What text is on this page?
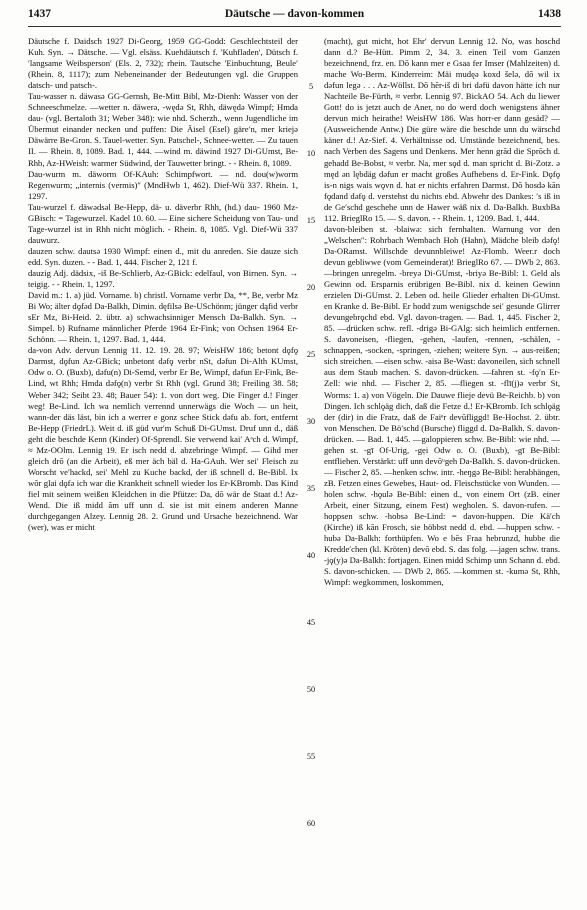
1437	Däutsche — davon-kommen	1438

Däutsche f. Daidsch 1927 Di-Georg, 1959 GG-Godd: Geschlechtsteil der Kuh. Syn. → Dätsche. — Vgl. elsäss. Kuehdäutsch f. ′Kuhfladen′, Dütsch f. ′langsame Weibsperson′ (Els. 2, 732); rhein. Tautsche ′Einbuchtung, Beule′ (Rhein. 8, 1117); zum Nebeneinander der Bedeutungen vgl. die Gruppen datsch- und patsch-.

Tau-wasser n. däwasə GG-Gernsh, Be-Mitt Bibl, Mz-Dienh: Wasser von der Schneeschmelze. —wetter n. däwerə, -wędə St, Rhh, däwędə Wimpf; Hmda dau- (vgl. Bertaloth 31; Weber 348): wie nhd. Scherzh., wenn Jugendliche im Übermut einander necken und puffen: Die Äisel (Esel) gäre′n, mer kriejə Däwärre Be-Gron. S. Tauel-wetter. Syn. Patschel-, Schnee-wetter. — Zu tauen II. — Rhein. 8, 1089. Bad. 1, 444. —wind m. däwind 1927 Di-GUmst, Be-Rhb, Az-HWeish: warmer Südwind, der Tauwetter bringt. - - Rhein. 8, 1089.

Dau-wurm m. däworm Of-KAuh: Schimpfwort. — nd. dou(w)worm Regenwurm; „internis (vermis)″ (MndHwb 1, 462). Dief-Wü 337. Rhein. 1, 1297.

Tau-wurzel f. däwədsəl Be-Hepp, dä- u. däverbr Rhh, (hd.) dau- 1960 Mz-GBisch: = Tagewurzel. Kadel 10. 60. — Eine sichere Scheidung von Tau- und Tage-wurzel ist in Rhh nicht möglich. - Rhein. 8, 1085. Vgl. Dief-Wü 337 dauwurz.

dauzen schw. dautsə 1930 Wimpf: einen d., mit du anreden. Sie dauze sich edd. Syn. duzen. - - Bad. 1, 444. Fischer 2, 121 f.

dauzig Adj. dädsix, -iš Be-Schlierb, Az-GBick: edelfaul, von Birnen. Syn. → teigig. - - Rhein. 1, 1297.

David m.: 1. a) jüd. Vorname. b) christl. Vorname verbr Da, **, Be, verbr Mz Bi Wo; älter dǫfəd Da-Balkh, Dimin. dęfilsə Be-USchönm; jünger dąfid verbr sEr Mz, Bi-Heid. 2. übtr. a) schwachsinniger Mensch Da-Balkh. Syn. → Simpel. b) Rufname männlicher Pferde 1964 Er-Fink; von Ochsen 1964 Er-Schönn. — Rhein. 1, 1297. Bad. 1, 444.

da-von Adv. dervun Lennig 11. 12. 19. 28. 97; WeisHW 186; betont dǫfǫ Darmst, dǫfun Az-GBick; unbetont dəfǫ verbr nSt, dəfun Di-Alth KUmst, Odw o. O. (Buxb), dəfu(n) Di-Semd, verbr Er Be, Wimpf, dəfun Er-Fink, Be-Lind, wt Rhh; Hmda dəfǫ(n) verbr St Rhh (vgl. Grund 38; Freiling 38. 58; Weber 342; Seibt 23. 48; Bauer 54): 1. von dort weg. Die Finger d.! Finger weg! Be-Lind. Ich wa nemlich verrennd unnerwägs die Woch — un heit, wann-der däs läst, bin ich a werrer e gonz schee Stick dəfu ab. fort, entfernt Be-Hepp (FriedrL). Weit d. iß güd vur′m Schuß Di-GUmst. Druf unn d., däß geht die beschde Kenn (Kinder) Of-Sprendl. Sie verwend kai′ Aᵊch d. Wimpf, ≈ Mz-OOlm. Lennig 19. Er isch nedd d. abzebringe Wimpf. — Gihd mer gleich drō (an die Arbeit), eß mer äch bäl d. Ha-GAuh. Wer sei′ Fleisch zu Worscht ve′hackd, sei′ Mehl zu Kuche backd, der iß schnell d. Be-Bibl. Ix wōr glai dǫfə ich war die Krankheit schnell wieder los Er-KBromb. Das Kind fiel mit seinem weißen Kleidchen in die Pfütze: Da, dō wär de Staat d.! Az-Wend. Die iß midd ãm uff unn d. sie ist mit einem anderen Manne durchgegangen Alzey. Lennig 28. 2. Grund und Ursache bezeichnend. War (wer), was er micht

5
10
15
20
25
30
35
40
45
50
55
60

(macht), gut micht, hot Ehr′ dervun Lennig 12. No, was hoschd dann d.? Be-Hütt. Pimm 2, 34. 3. einen Teil vom Ganzen bezeichnend, frz. en. Dō kann mer e Gsaa fer Imser (Mahlzeiten) d. mache Wo-Berm. Kinderreim: Mäi mudęə koxd šelə, dō wil ix dəfun legə . . . Az-Wöllst. Dō hēr-iš di bri dəfü davon hätte ich nur Nachteile Be-Fürth, ≈ verbr. Lennig 97. BickAO 54. Ach du liewer Gott! do is jetzt auch de Aner, no do werd doch wenigstens ähner dervun mich heirathe! WeisHW 186. Was horr-er dann gesäd? — (Ausweichende Antw.) Die güre wäre die beschde unn du wärschd käner d.! Az-Sief. 4. Verhältnisse od. Umstände bezeichnend, bes. nach Verben des Sagens und Denkens. Mer henn grād die Sprōch d. gehadd Be-Bobst, ≈ verbr. Na, mer sǫd d. man spricht d. Bi-Zotz. ǝ męd ǝn lębdäg dǝfun er macht großes Aufhebens d. Er-Fink. Dǫfǫ is-n nigs wais wǫvn d. hat er nichts erfahren Darmst. Dō hosdə kān fǫdand dǝfǫ d. verstehst du nichts ebd. Abwehr des Dankes: ′s iß in de Ge′schd geschehe unn de Hawer wäß nix d. Da-Balkh. BuxbBa 112. BrieglRo 15. — S. davon. - - Rhein. 1, 1209. Bad. 1, 444.

davon-bleiben st. -blaiwə: sich fernhalten. Warnung vor den „Welschen″: Rohrbach Wembach Hoh (Hahn), Mädche bleib dǝfǫ! Da-ORamst. Willschde devunnbleiwe! Az-Flomb. Weer.r doch devun gebliwwe (vom Gemeinderat)! BrieglRo 67. — DWb 2, 863. —bringen unregelm. -breyə Di-GUmst, -briyə Be-Bibl: 1. Geld als Gewinn od. Ersparnis erübrigen Be-Bibl. nix d. keinen Gewinn erzielen Di-GUmst. 2. Leben od. heile Glieder erhalten Di-GUmst. en Kranke d. Be-Bibl. Er hodd zum wenigschde sei′ gesunde Glirrer devungebrǫchd ebd. Vgl. davon-tragen. — Bad. 1, 445. Fischer 2, 85. —drücken schw. refl. -drigə Bi-GAlg: sich heimlich entfernen. S. davoneisen, -fliegen, -gehen, -laufen, -rennen, -schälen, -schnappen, -socken, -springen, -ziehen; weitere Syn. → aus-reißen; sich streichen. —eisen schw. -aisə Be-Wast: davoneilen, sich schnell aus dem Staub machen. S. davon-drücken. —fahren st. -fǫ′n Er-Zell: wie nhd. — Fischer 2, 85. —fliegen st. -flī(j)ə verbr St, Worms: 1. a) von Vögeln. Die Dauwe flieje devü Be-Reichb. b) von Dingen. Ich schlǫäg dich, daß die Fetze d.! Er-KBromb. Ich schlǫäg der (dir) in die Fratz, daß de Faiᵉr devūfliggd! Be-Hochst. 2. übtr. von Menschen. De Bö′schd (Bursche) fliggd d. Da-Balkh. S. davon-drücken. — Bad. 1, 445. —galoppieren schw. Be-Bibl: wie nhd. —gehen st. -gī Of-Urig, -gẹi Odw o. O. (Buxb), -gī Be-Bibl: entfliehen. Verstärkt: uff unn devōᵘgeh Da-Balkh. S. davon-drücken. — Fischer 2, 85. —henken schw. intr. -heŋgə Be-Bibl: herabhängen, zB. Fetzen eines Gewebes, Haut- od. Fleischstücke von Wunden. —holen schw. -hǫulə Be-Bibl: einen d., von einem Ort (zB. einer Arbeit, einer Sitzung, einem Fest) wegholen. S. davon-rufen. —hoppsen schw. -hobsə Be-Lind: = davon-huppen. Die Kä′ch (Kirche) iß kān Frosch, sie höbbst nedd d. ebd. —huppen schw. -hubə Da-Balkh: forthüpfen. Wo e bēs Fraa hebrunzd, hubbe die Kredde′chen (kl. Kröten) devō ebd. S. das folg. —jagen schw. trans. -jǫ(y)ə Da-Balkh: fortjagen. Einen midd Schimp unn Schann d. ebd. S. davon-schicken. — DWb 2, 865. —kommen st. -kumə St, Rhh, Wimpf: wegkommen, loskommen,
